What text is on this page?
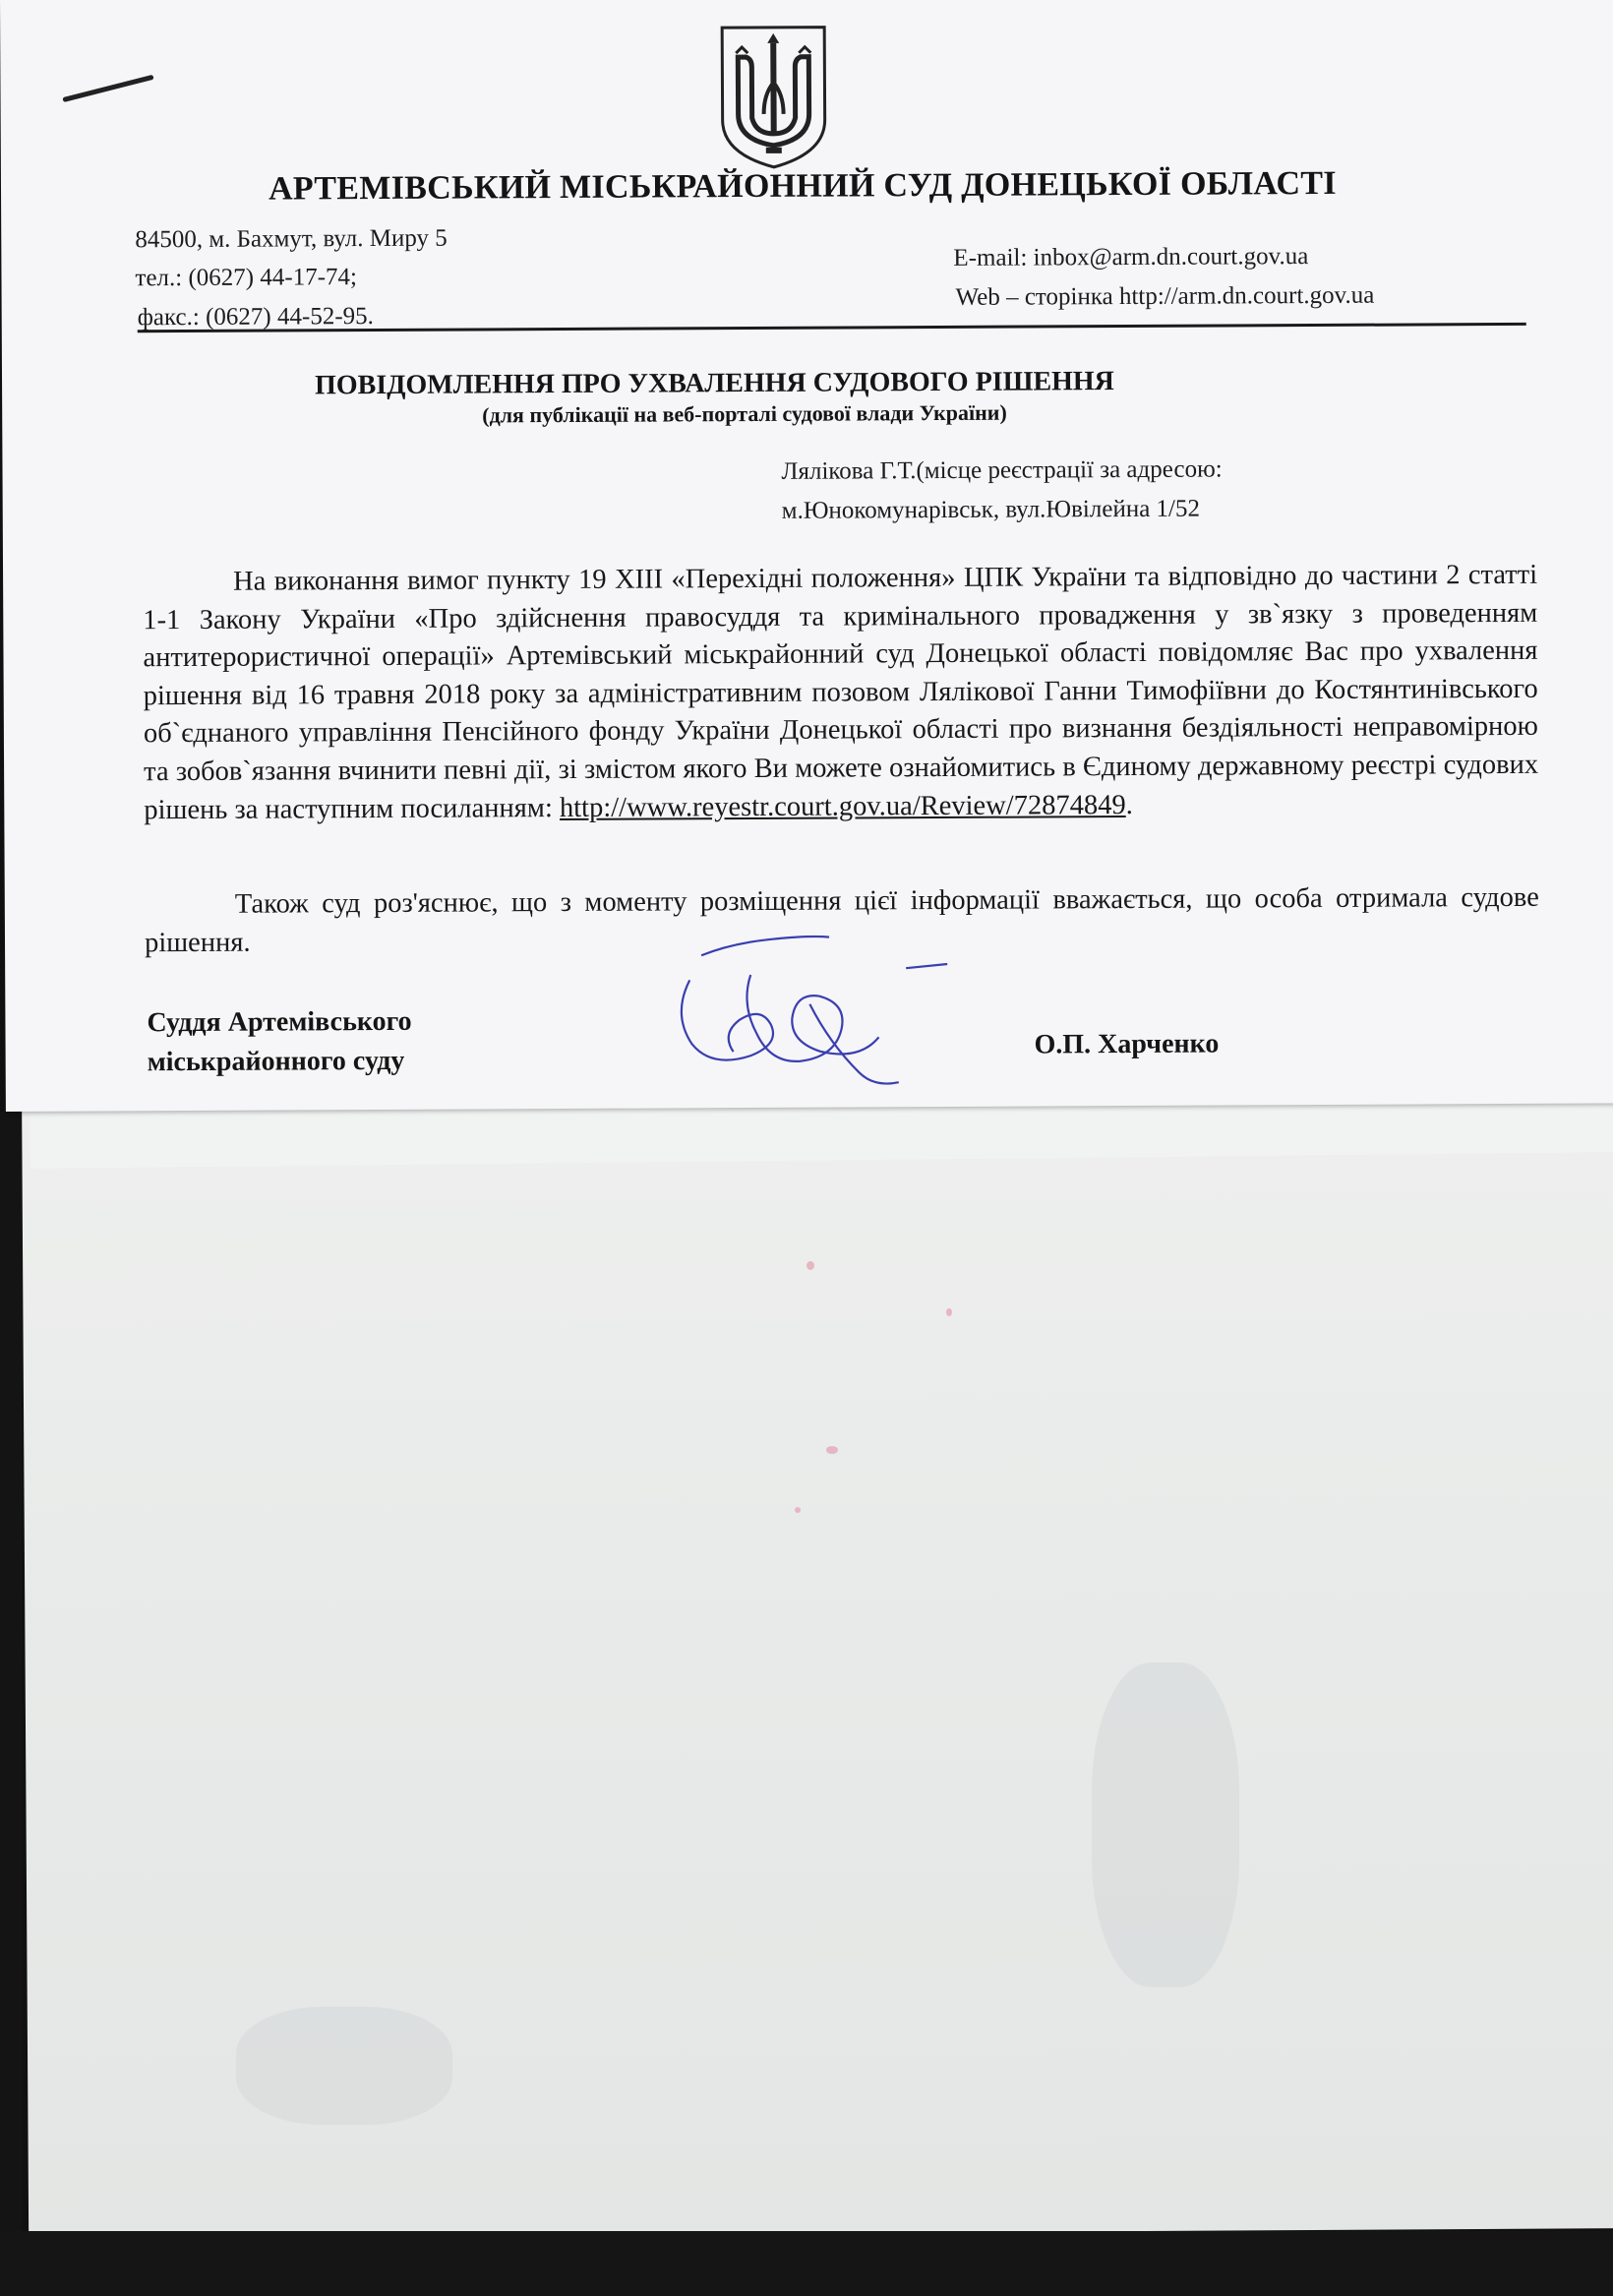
АРТЕМІВСЬКИЙ МІСЬКРАЙОННИЙ СУД ДОНЕЦЬКОЇ ОБЛАСТІ
84500, м. Бахмут, вул. Миру 5
тел.: (0627) 44-17-74;
факс.: (0627) 44-52-95.
E-mail: inbox@arm.dn.court.gov.ua
Web – сторінка http://arm.dn.court.gov.ua
ПОВІДОМЛЕННЯ ПРО УХВАЛЕННЯ СУДОВОГО РІШЕННЯ
(для публікації на веб-порталі судової влади України)
Лялікова Г.Т.(місце реєстрації за адресою:
м.Юнокомунарівськ, вул.Ювілейна 1/52

На виконання вимог пункту 19 ХІІІ «Перехідні положення» ЦПК України та відповідно до частини 2 статті 1-1 Закону України «Про здійснення правосуддя та кримінального провадження у зв`язку з проведенням антитерористичної операції» Артемівський міськрайонний суд Донецької області повідомляє Вас про ухвалення рішення від 16 травня 2018 року за адміністративним позовом Лялікової Ганни Тимофіївни до Костянтинівського об`єднаного управління Пенсійного фонду України Донецької області про визнання бездіяльності неправомірною та зобов`язання вчинити певні дії, зі змістом якого Ви можете ознайомитись в Єдиному державному реєстрі судових рішень за наступним посиланням: http://www.reyestr.court.gov.ua/Review/72874849.

Також суд роз'яснює, що з моменту розміщення цієї інформації вважається, що особа отримала судове рішення.

Суддя Артемівського
міськрайонного суду
О.П. Харченко
